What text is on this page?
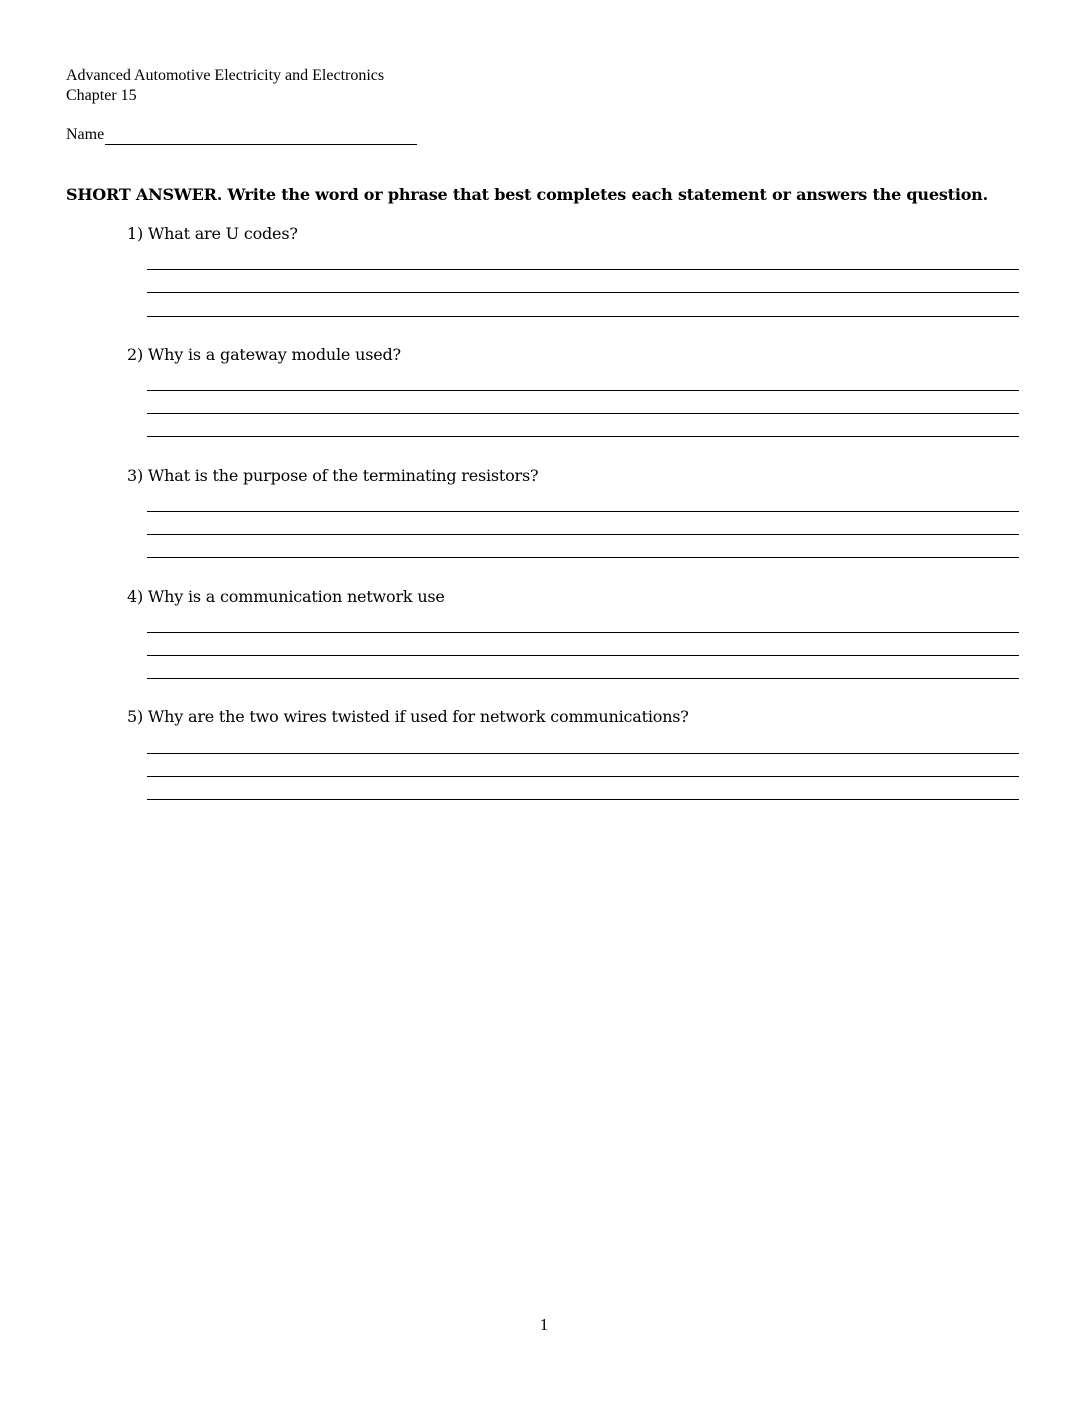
Advanced Automotive Electricity and Electronics
Chapter 15
Name
SHORT ANSWER. Write the word or phrase that best completes each statement or answers the question.
1) What are U codes?
2) Why is a gateway module used?
3) What is the purpose of the terminating resistors?
4) Why is a communication network use
5) Why are the two wires twisted if used for network communications?
1
